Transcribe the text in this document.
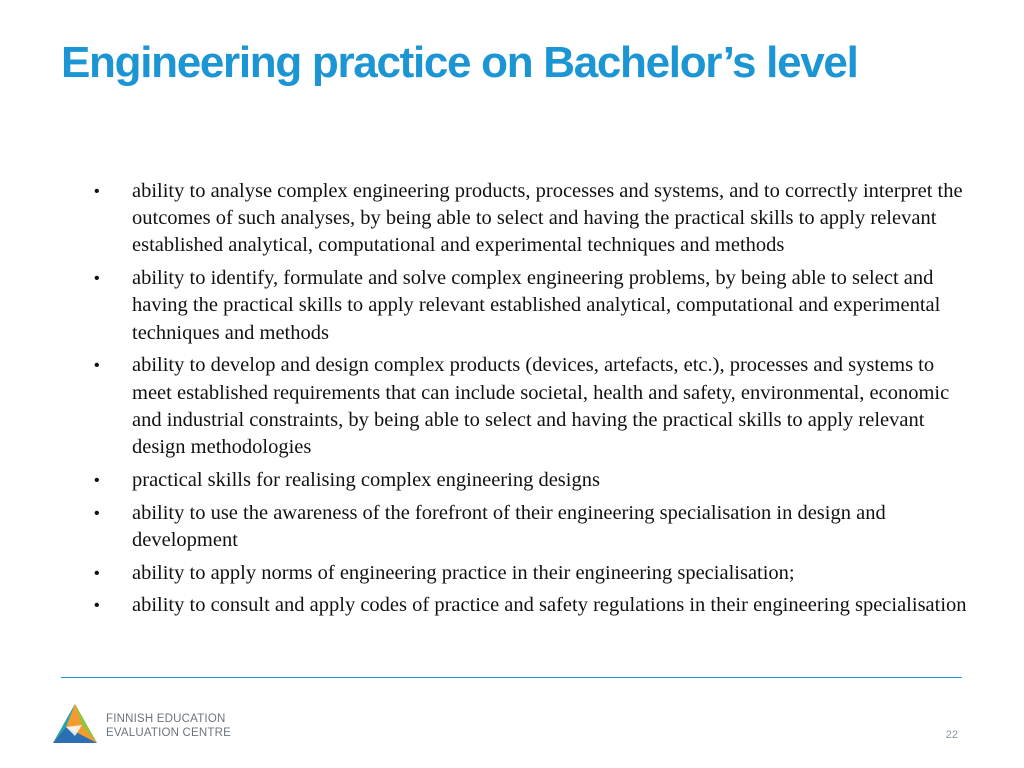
Engineering practice on Bachelor’s level
• ability to analyse complex engineering products, processes and systems, and to correctly interpret the outcomes of such analyses, by being able to select and having the practical skills to apply relevant established analytical, computational and experimental techniques and methods
• ability to identify, formulate and solve complex engineering problems, by being able to select and having the practical skills to apply relevant established analytical, computational and experimental techniques and methods
• ability to develop and design complex products (devices, artefacts, etc.), processes and systems to meet established requirements that can include societal, health and safety, environmental, economic and industrial constraints, by being able to select and having the practical skills to apply relevant design methodologies
• practical skills for realising complex engineering designs
• ability to use the awareness of the forefront of their engineering specialisation in design and development
• ability to apply norms of engineering practice in their engineering specialisation;
• ability to consult and apply codes of practice and safety regulations in their engineering specialisation
FINNISH EDUCATION
EVALUATION CENTRE	22
